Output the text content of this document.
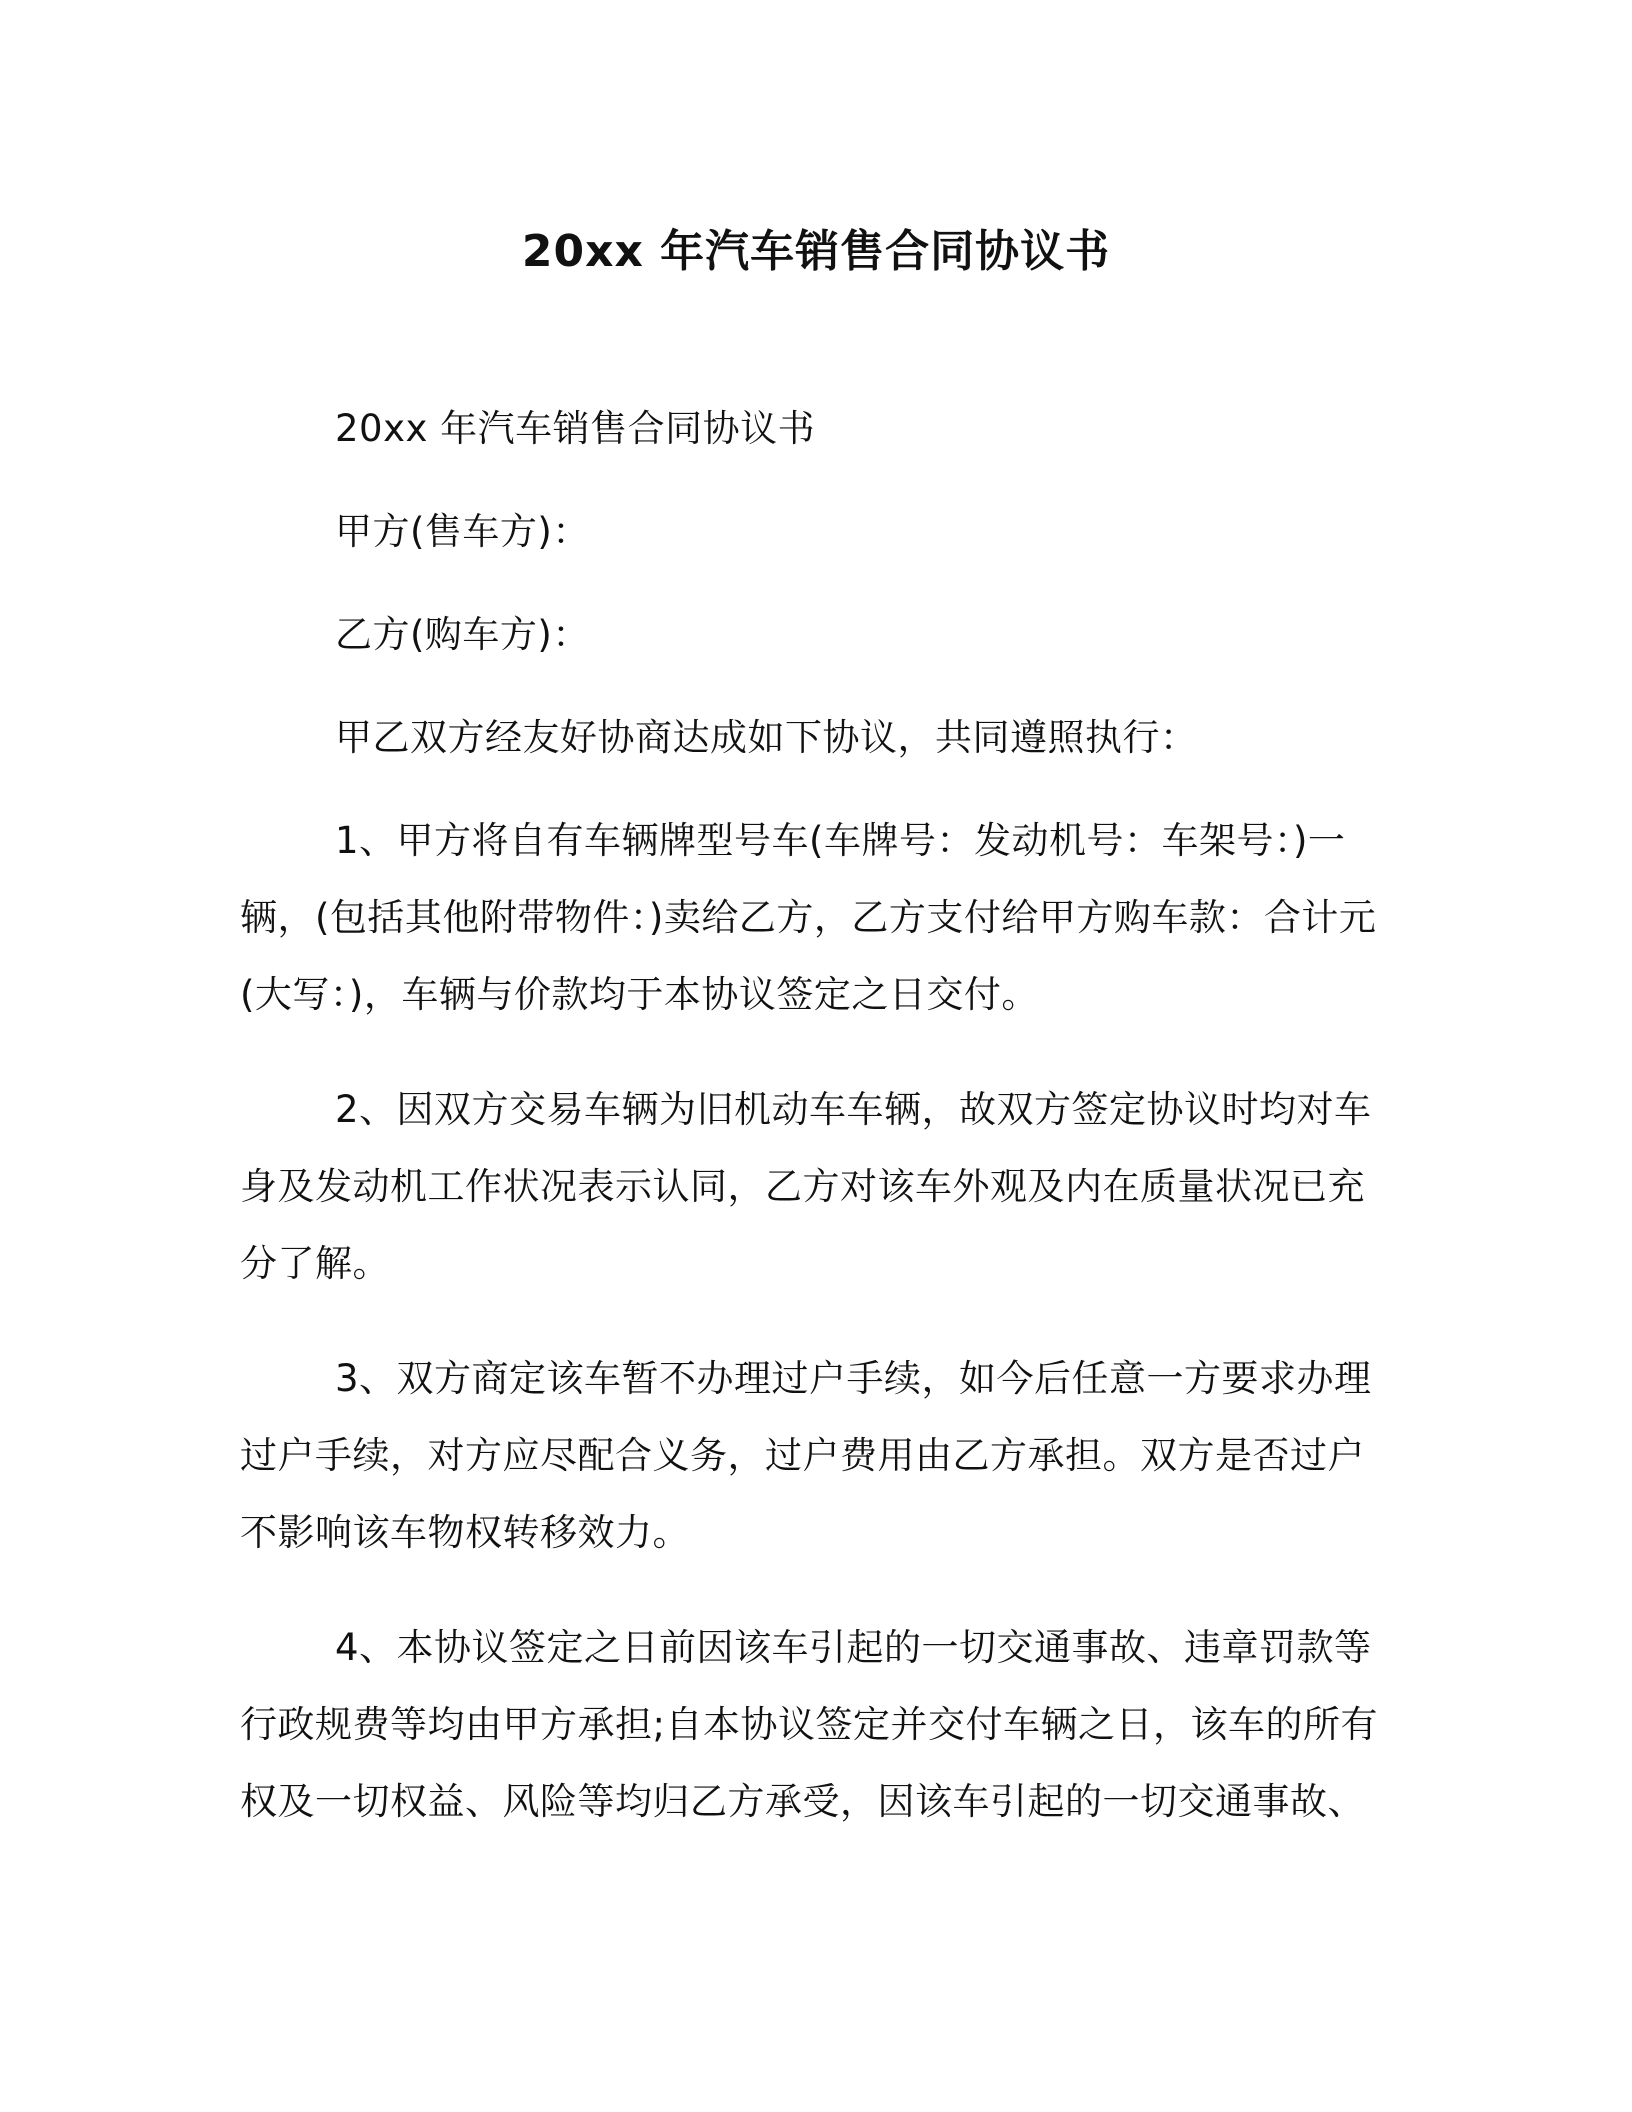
20xx 年汽车销售合同协议书

20xx 年汽车销售合同协议书

甲方(售车方)：

乙方(购车方)：

甲乙双方经友好协商达成如下协议，共同遵照执行：

1、甲方将自有车辆牌型号车(车牌号：发动机号：车架号：)一辆，(包括其他附带物件：)卖给乙方，乙方支付给甲方购车款：合计元(大写：)，车辆与价款均于本协议签定之日交付。

2、因双方交易车辆为旧机动车车辆，故双方签定协议时均对车身及发动机工作状况表示认同，乙方对该车外观及内在质量状况已充分了解。

3、双方商定该车暂不办理过户手续，如今后任意一方要求办理过户手续，对方应尽配合义务，过户费用由乙方承担。双方是否过户不影响该车物权转移效力。

4、本协议签定之日前因该车引起的一切交通事故、违章罚款等行政规费等均由甲方承担;自本协议签定并交付车辆之日，该车的所有权及一切权益、风险等均归乙方承受，因该车引起的一切交通事故、
